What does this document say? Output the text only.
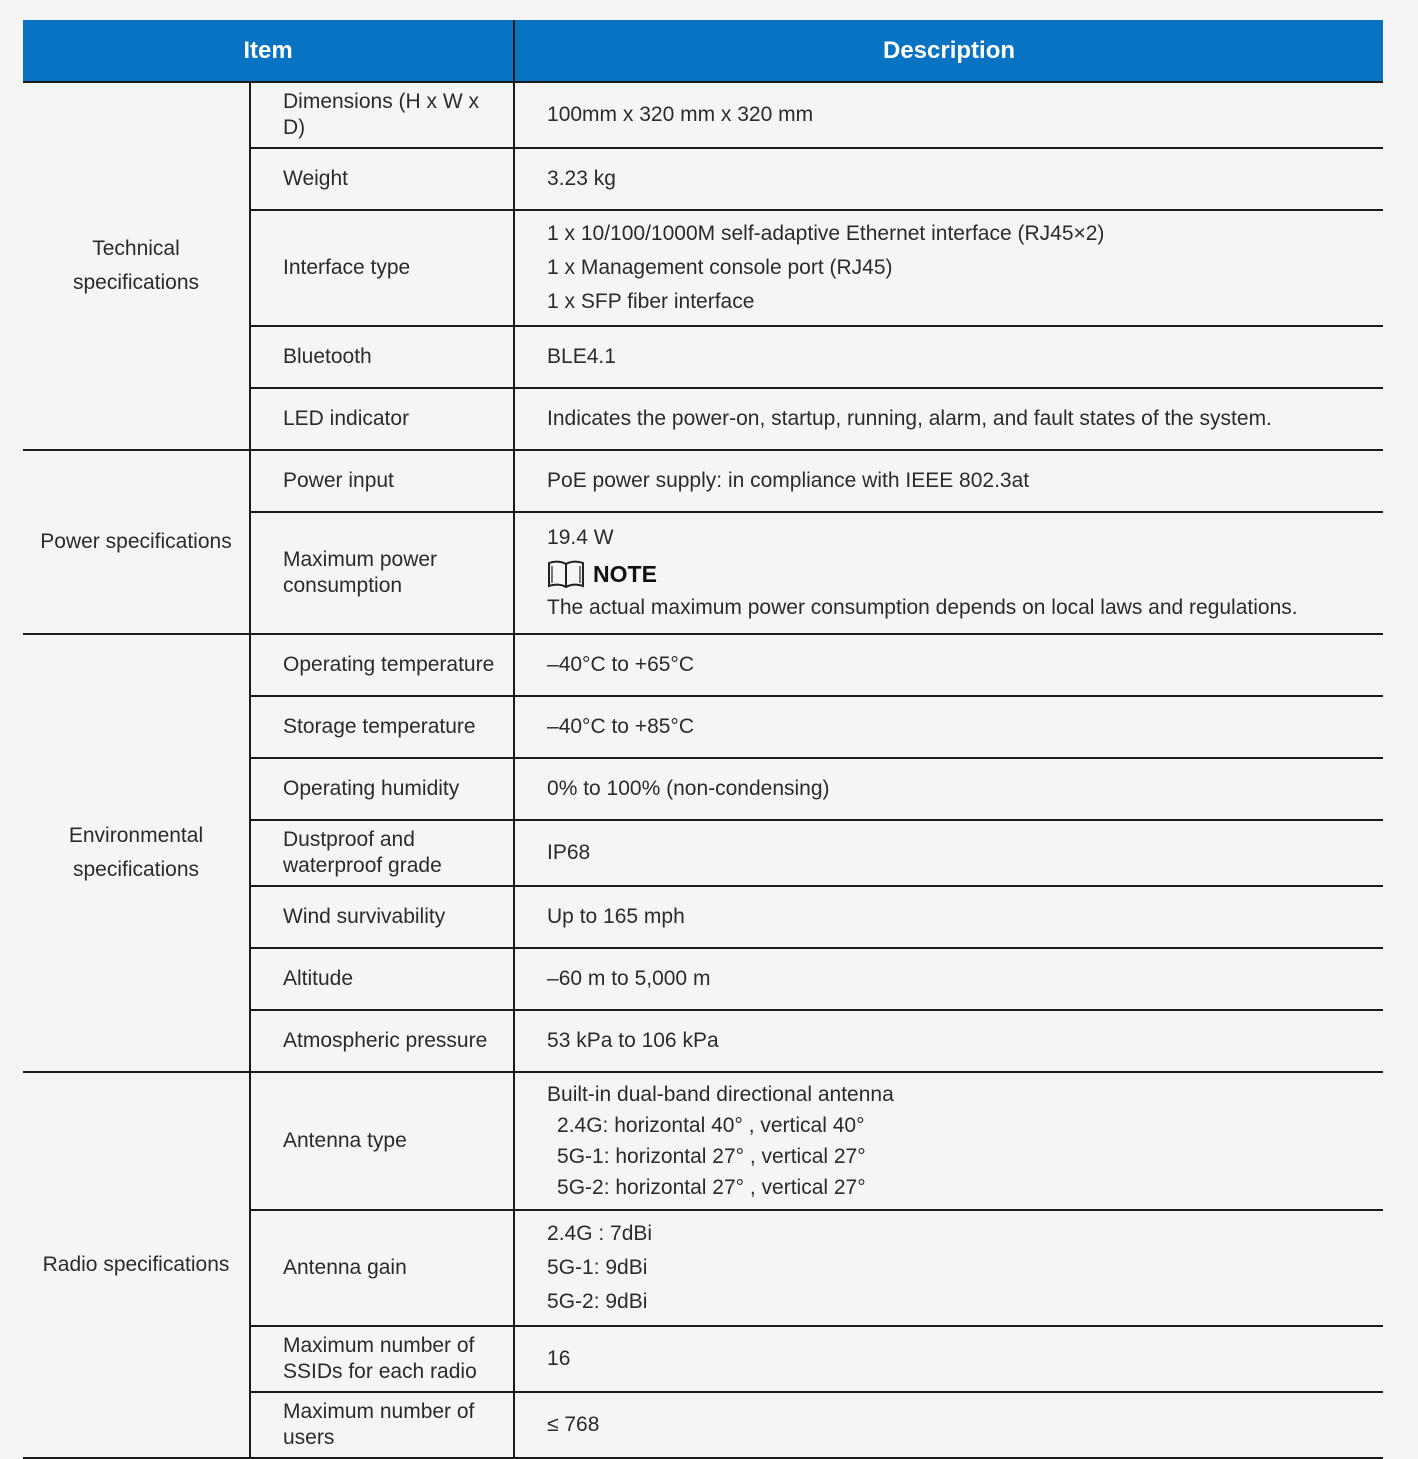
Item		Description
Technical specifications	Dimensions (H x W x D)	100mm x 320 mm x 320 mm
	Weight	3.23 kg
	Interface type	1 x 10/100/1000M self-adaptive Ethernet interface (RJ45×2)
1 x Management console port (RJ45)
1 x SFP fiber interface

	Bluetooth	BLE4.1
	LED indicator	Indicates the power-on, startup, running, alarm, and fault states of the system.
Power specifications	Power input	PoE power supply: in compliance with IEEE 802.3at
	Maximum power consumption	19.4 W
NOTE
The actual maximum power consumption depends on local laws and regulations.

Environmental specifications	Operating temperature	–40°C to +65°C
	Storage temperature	–40°C to +85°C
	Operating humidity	0% to 100% (non-condensing)
	Dustproof and waterproof grade	IP68
	Wind survivability	Up to 165 mph
	Altitude	–60 m to 5,000 m
	Atmospheric pressure	53 kPa to 106 kPa
Radio specifications	Antenna type	Built-in dual-band directional antenna
2.4G: horizontal 40° , vertical 40°
5G-1: horizontal 27° , vertical 27°
5G-2: horizontal 27° , vertical 27°

	Antenna gain	2.4G : 7dBi
5G-1: 9dBi
5G-2: 9dBi

	Maximum number of SSIDs for each radio	16
	Maximum number of users	≤ 768
